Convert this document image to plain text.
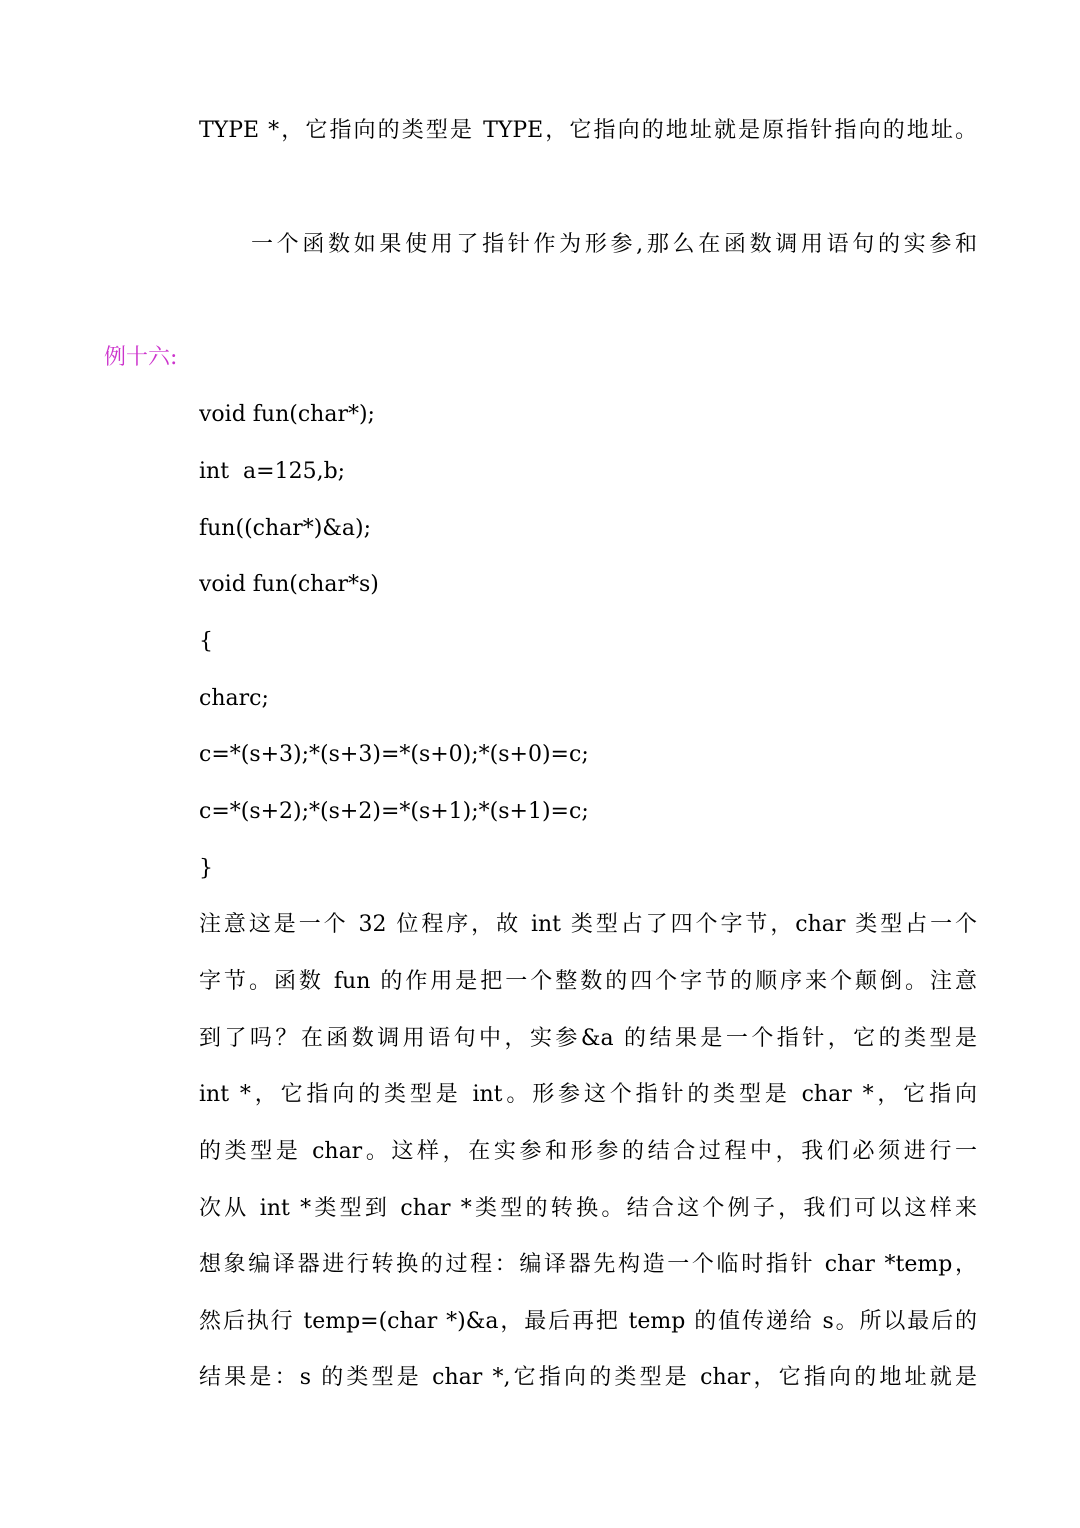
TYPE *，它指向的类型是 TYPE，它指向的地址就是原指针指向的地址。

一个函数如果使用了指针作为形参,那么在函数调用语句的实参和

例十六:
void fun(char*);
int  a=125,b;
fun((char*)&a);
void fun(char*s)
{
charc;
c=*(s+3);*(s+3)=*(s+0);*(s+0)=c;
c=*(s+2);*(s+2)=*(s+1);*(s+1)=c;
}
注意这是一个 32 位程序，故 int 类型占了四个字节，char 类型占一个
字节。函数 fun 的作用是把一个整数的四个字节的顺序来个颠倒。注意
到了吗？在函数调用语句中，实参&a 的结果是一个指针，它的类型是
int *，它指向的类型是 int。形参这个指针的类型是 char *，它指向
的类型是 char。这样，在实参和形参的结合过程中，我们必须进行一
次从 int *类型到 char *类型的转换。结合这个例子，我们可以这样来
想象编译器进行转换的过程：编译器先构造一个临时指针 char *temp，
然后执行 temp=(char *)&a，最后再把 temp 的值传递给 s。所以最后的
结果是：s 的类型是 char *,它指向的类型是 char，它指向的地址就是
